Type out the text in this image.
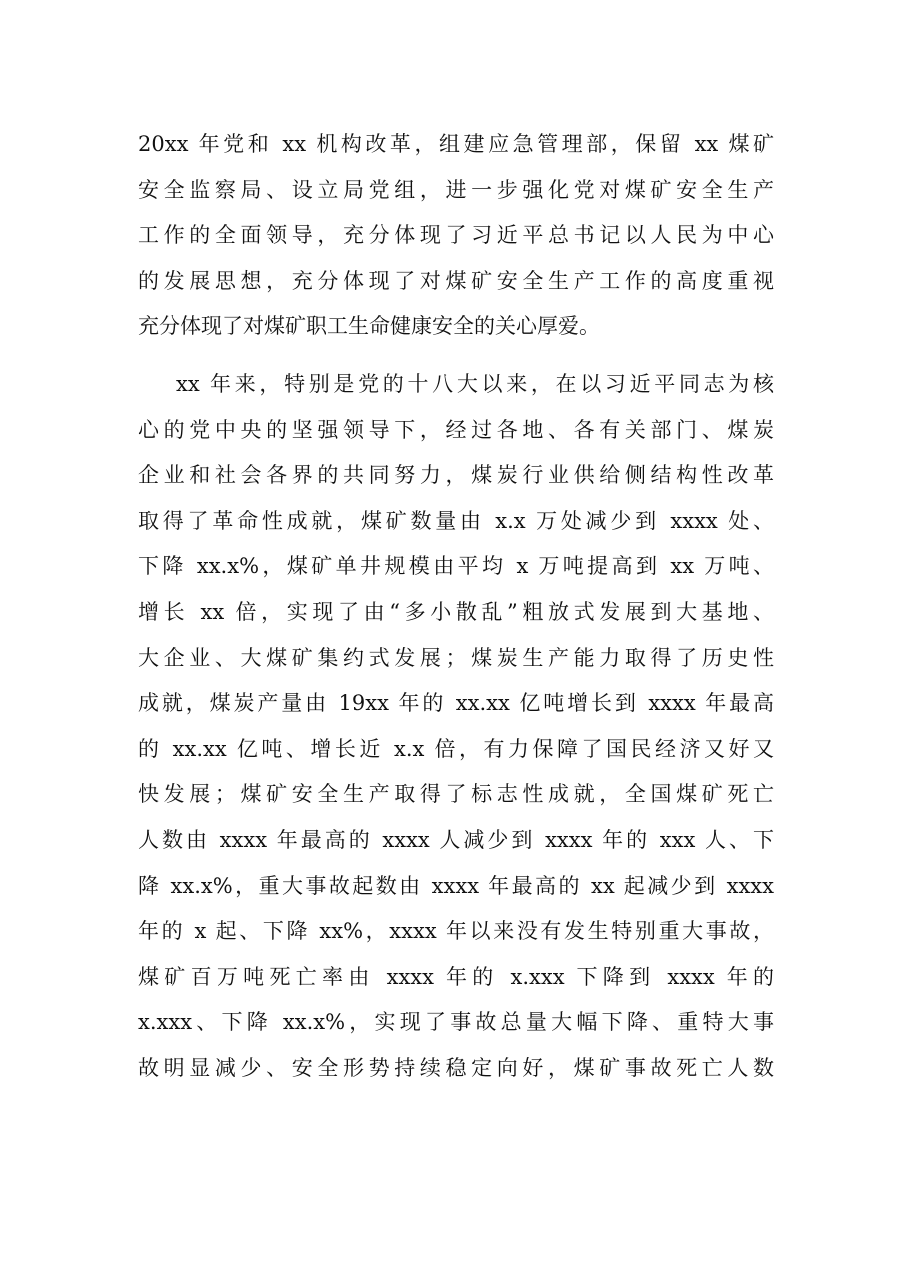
20xx 年党和 xx 机构改革，组建应急管理部，保留 xx 煤矿
安全监察局、设立局党组，进一步强化党对煤矿安全生产
工作的全面领导，充分体现了习近平总书记以人民为中心
的发展思想，充分体现了对煤矿安全生产工作的高度重视
充分体现了对煤矿职工生命健康安全的关心厚爱。
xx 年来，特别是党的十八大以来，在以习近平同志为核
心的党中央的坚强领导下，经过各地、各有关部门、煤炭
企业和社会各界的共同努力，煤炭行业供给侧结构性改革
取得了革命性成就，煤矿数量由 x.x 万处减少到 xxxx 处、
下降 xx.x%，煤矿单井规模由平均 x 万吨提高到 xx 万吨、
增长 xx 倍，实现了由“多小散乱”粗放式发展到大基地、
大企业、大煤矿集约式发展；煤炭生产能力取得了历史性
成就，煤炭产量由 19xx 年的 xx.xx 亿吨增长到 xxxx 年最高
的 xx.xx 亿吨、增长近 x.x 倍，有力保障了国民经济又好又
快发展；煤矿安全生产取得了标志性成就，全国煤矿死亡
人数由 xxxx 年最高的 xxxx 人减少到 xxxx 年的 xxx 人、下
降 xx.x%，重大事故起数由 xxxx 年最高的 xx 起减少到 xxxx
年的 x 起、下降 xx%，xxxx 年以来没有发生特别重大事故，
煤矿百万吨死亡率由 xxxx 年的 x.xxx 下降到 xxxx 年的
x.xxx、下降 xx.x%，实现了事故总量大幅下降、重特大事
故明显减少、安全形势持续稳定向好，煤矿事故死亡人数
